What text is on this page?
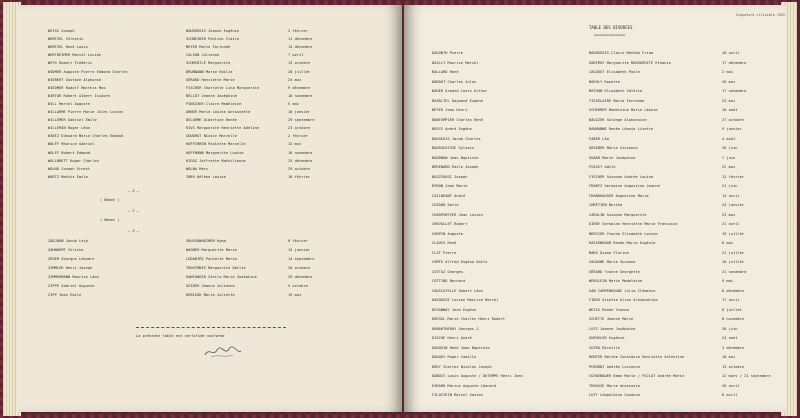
WEISS Joseph	BOURGEOIS Jeanne Eugénie	2 février
WENTZEL Célestin	SCHNEIDER Pauline Claire	11 décembre
WENTZEL René Louis	MEYER Marie Fortunée	15 décembre
WERTHEIMER Marcel Lucien	COLSON Julienne	7 avril
WEYS Robert Frédéric	SCHMIDTLÉ Marguerite	13 octobre
WIDMER Auguste Pierre Edmond Charles	BRUNNANN Marie Emilie	28 juillet
WIEBERT Gustave Alphonse	GÉRARD Henriette Marie	24 mai
WIEDMER Rudolf Matthis Max	FISCHER Charlotte Lina Marguerite	9 décembre
WIRTUR Robert Albert Isidore	BELLOT Jeanne Joséphine	10 novembre
WILL Marcel Auguste	PINSCHER Claire Madeleine	5 mai
WILLARME Pierre Marie Jules Lucien	ARNER Marie Louise Antoinette	16 janvier
WILLEMER Gabriel Emile	DELORME Albertine Renée	29 septembre
WILLEMIN Roger Léon	RIVS Marguerite Henriette Adeline	23 octobre
WINTZ Edouard Marie Charles Edmond	GOUDROT Nicole Marcelle	2 février
WOLFF Maurice Gabriel	HOFFIRREN Paulette Marcelle	12 mai
WOLFF Robert Edmond	HOFFMANN Marguerite Louise	16 novembre
WOLLBRETT Roger Charles	HIGGS Joffrette Mathilienne	25 décembre
WOLMA Joseph Ernest	WOLNA Mary	29 octobre
WURTZ Mathis Emile	IMEH Hélène Louise	10 février
– X –
( Néant )
– Y –
( Néant )
– Z –
ZADJRON Jacob Lejb	GRUSSONHEIMER Hyma	8 février
ZAHNHEMT Christe	WAGNER Marguerite Marie	15 janvier
ZEHEM Georges Léandre	LEDANTÉE Paulette Marie	14 septembre
ZIMMLER Henri Joseph	TROUTMNIE Marguerite Emilie	26 octobre
ZIMMERMANN Maurice Léon	RANFANGER Cécile Marie Joséphine	29 décembre
ZIPPE Gabriel Auguste	GEIDER Jeanne Julienne	5 octobre
ZIPP Jean Emile	REBIEOK Marie Juliette	19 mai
La présente table est certifiée conforme
Signature illisible 1952
TABLE DES DIVORCES
=============
DAGONTH Pierre	BOURGEOIS Claire Mathéa Frida	16 avril
BAILLY Maurice Marcel	GODFROY Marguerite MARGUERITE Ethanie	17 décembre
BALLARD René	JACQUOT Elisabeth Paule	2 mai
BARDOT Charles Jules	BOEHLY Rosette	26 mai
BAUER Armand Louis Arthur	MATHON Elisabeth Valérie	17 novembre
BEARLTEL Raymond Eugène	TISSELAIRE Marie Fernande	23 mai
BEYER Jean Henri	SCHERRER Madeleine Marie Léonie	10 août
BONTEMPIER Charles René	BAUZZER Solange Alphonsine	27 octobre
BOSSY André Eugène	BAUMANNE Renée Léonie Lisette	9 janvier
BOUGEOIS Jacob Charles	FABER Léa	4 août
BOURGEAISSE Sylvain	ORGEBER Marie Vivianne	26 juin
BOUDNOW Jean Baptiste	GUARD Marie Joséphine	7 juin
BÉRENARD Emile Joseph	FUSSEY Odile	22 mai
BUZZIKOSI Joseph	FISCHER Suzanne Andrée Louise	12 février
BYRON Jean Marie	FRANTZ Germaine Augustine Jeanne	21 juin
CAILBEANT André	FRANKHAUSER Augustine Marie	14 avril
CUZARD Emile	CHRÉTIEN Berthe	24 janvier
CHARPENTIER Jean Lucien	CAROLIN Suzanne Marguerite	23 mai
CHEVALLET Robert	KIENY Germaine Henriette Marie Francoise	21 avril
CHOPIN Auguste	MERCIER Yvonne Elisabeth Louise	19 juillet
CLAUSS René	HASSENHOOR Renée Marie Eugénie	6 mai
CLIF Pierre	MARX Diane Florine	21 juillet
COMTE Alfred Eugène Emile	ZAGAGNE Marie Suzanne	10 juillet
COTTAZ Georges	GÉRARD Yvonne Georgette	21 novembre
COTTING Bernard	WEBSLEIN Marie Madeleine	9 mai
COUSCATELLE Hubert Léon	VAN CAMPENHOUDE Julia Clémence	6 décembre
DAVOUSSE Lucien Maurice Marcel	FINCK Ariette Aline Alexandrine	17 avril
DESANNAY Jean Eugène	WEISS Renée Yvonne	8 juillet
DRESEL Marie Charles Henri Robert	SCHETTE Jeanne Marie	8 novembre
DUMARTHERAY Georges J.	LUTZ Jeanne Joséphine	26 juin
DISCHE Henri André	GUERELER Eugénie	24 août
DOUQUIN René Jean Baptiste	SUTRA Mireille	3 décembre
DOUQUY Roger Camille	RENTER Berthe Constance Henriette Valentine	18 mai
DREY Charles Nicolas Joseph	PHIMONT Andrée Lucienne	13 octobre
DUBOIS Louis Auguste / DUTEMPE Henri Jean	SCHOENAUER Emma Marie / FEJLOT Andrée Marie	12 mars / 21 septembre
EVRARD Marius Auguste Léonard	TROUSSE Marie Anastasie	26 avril
FILOSTEIN Marcel Gaston	LUTY Léopoldine Suzanne	6 avril
